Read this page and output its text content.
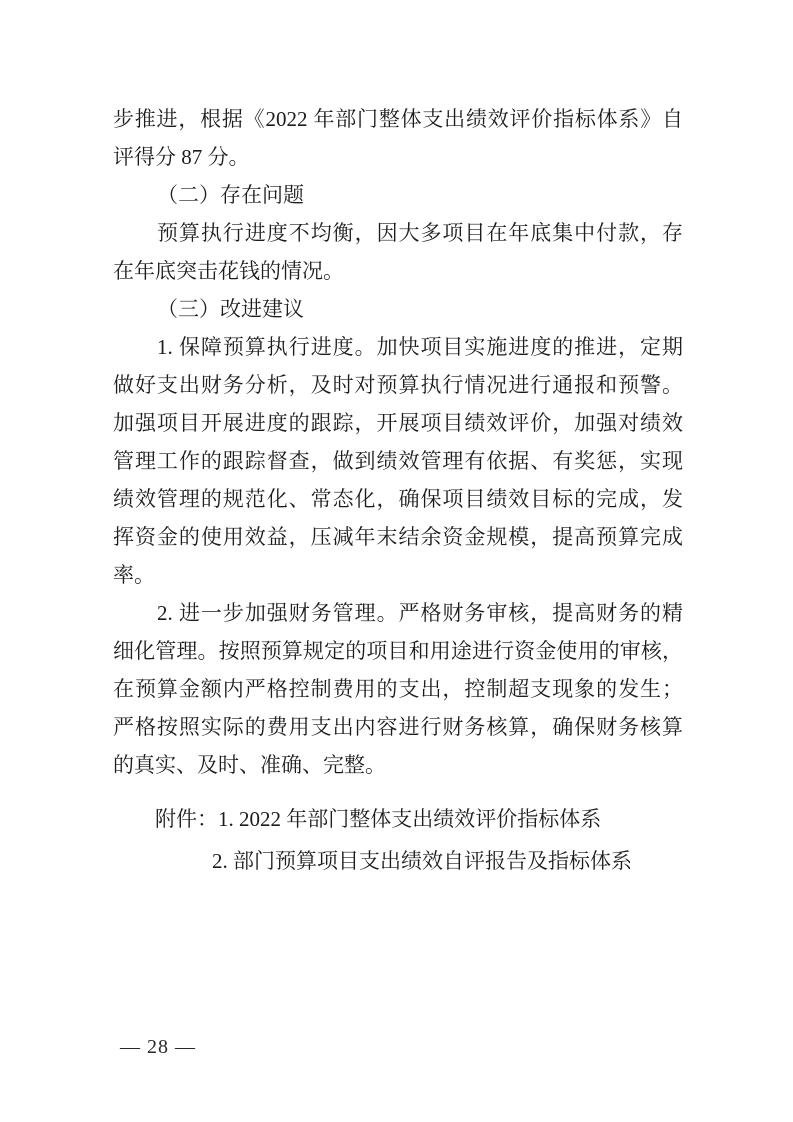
步推进，根据《2022 年部门整体支出绩效评价指标体系》自
评得分 87 分。
（二）存在问题
预算执行进度不均衡，因大多项目在年底集中付款，存
在年底突击花钱的情况。
（三）改进建议
1. 保障预算执行进度。加快项目实施进度的推进，定期
做好支出财务分析，及时对预算执行情况进行通报和预警。
加强项目开展进度的跟踪，开展项目绩效评价，加强对绩效
管理工作的跟踪督查，做到绩效管理有依据、有奖惩，实现
绩效管理的规范化、常态化，确保项目绩效目标的完成，发
挥资金的使用效益，压减年末结余资金规模，提高预算完成
率。
2. 进一步加强财务管理。严格财务审核，提高财务的精
细化管理。按照预算规定的项目和用途进行资金使用的审核，
在预算金额内严格控制费用的支出，控制超支现象的发生；
严格按照实际的费用支出内容进行财务核算，确保财务核算
的真实、及时、准确、完整。
附件：1. 2022 年部门整体支出绩效评价指标体系
2. 部门预算项目支出绩效自评报告及指标体系
— 28 —
